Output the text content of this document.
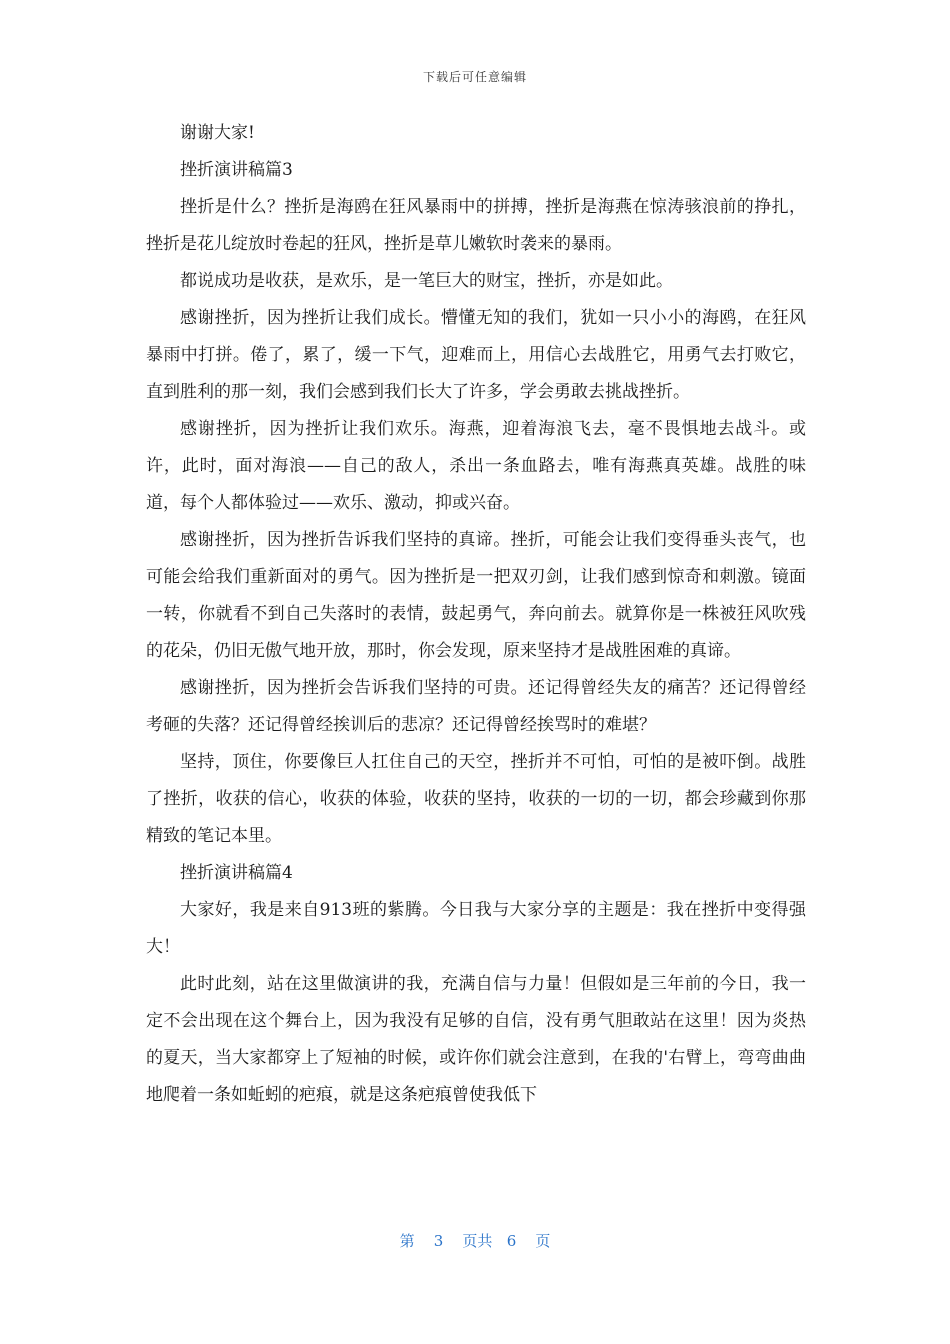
下载后可任意编辑

谢谢大家!

挫折演讲稿篇3

挫折是什么？挫折是海鸥在狂风暴雨中的拼搏，挫折是海燕在惊涛骇浪前的挣扎，挫折是花儿绽放时卷起的狂风，挫折是草儿嫩软时袭来的暴雨。

都说成功是收获，是欢乐，是一笔巨大的财宝，挫折，亦是如此。

感谢挫折，因为挫折让我们成长。懵懂无知的我们，犹如一只小小的海鸥，在狂风暴雨中打拼。倦了，累了，缓一下气，迎难而上，用信心去战胜它，用勇气去打败它，直到胜利的那一刻，我们会感到我们长大了许多，学会勇敢去挑战挫折。

感谢挫折，因为挫折让我们欢乐。海燕，迎着海浪飞去，毫不畏惧地去战斗。或许，此时，面对海浪——自己的敌人，杀出一条血路去，唯有海燕真英雄。战胜的味道，每个人都体验过——欢乐、激动，抑或兴奋。

感谢挫折，因为挫折告诉我们坚持的真谛。挫折，可能会让我们变得垂头丧气，也可能会给我们重新面对的勇气。因为挫折是一把双刃剑，让我们感到惊奇和刺激。镜面一转，你就看不到自己失落时的表情，鼓起勇气，奔向前去。就算你是一株被狂风吹残的花朵，仍旧无傲气地开放，那时，你会发现，原来坚持才是战胜困难的真谛。

感谢挫折，因为挫折会告诉我们坚持的可贵。还记得曾经失友的痛苦？还记得曾经考砸的失落？还记得曾经挨训后的悲凉？还记得曾经挨骂时的难堪？

坚持，顶住，你要像巨人扛住自己的天空，挫折并不可怕，可怕的是被吓倒。战胜了挫折，收获的信心，收获的体验，收获的坚持，收获的一切的一切，都会珍藏到你那精致的笔记本里。

挫折演讲稿篇4

大家好，我是来自913班的紫腾。今日我与大家分享的主题是：我在挫折中变得强大！

此时此刻，站在这里做演讲的我，充满自信与力量！但假如是三年前的今日，我一定不会出现在这个舞台上，因为我没有足够的自信，没有勇气胆敢站在这里！因为炎热的夏天，当大家都穿上了短袖的时候，或许你们就会注意到，在我的'右臂上，弯弯曲曲地爬着一条如蚯蚓的疤痕，就是这条疤痕曾使我低下

第 3 页共 6 页
